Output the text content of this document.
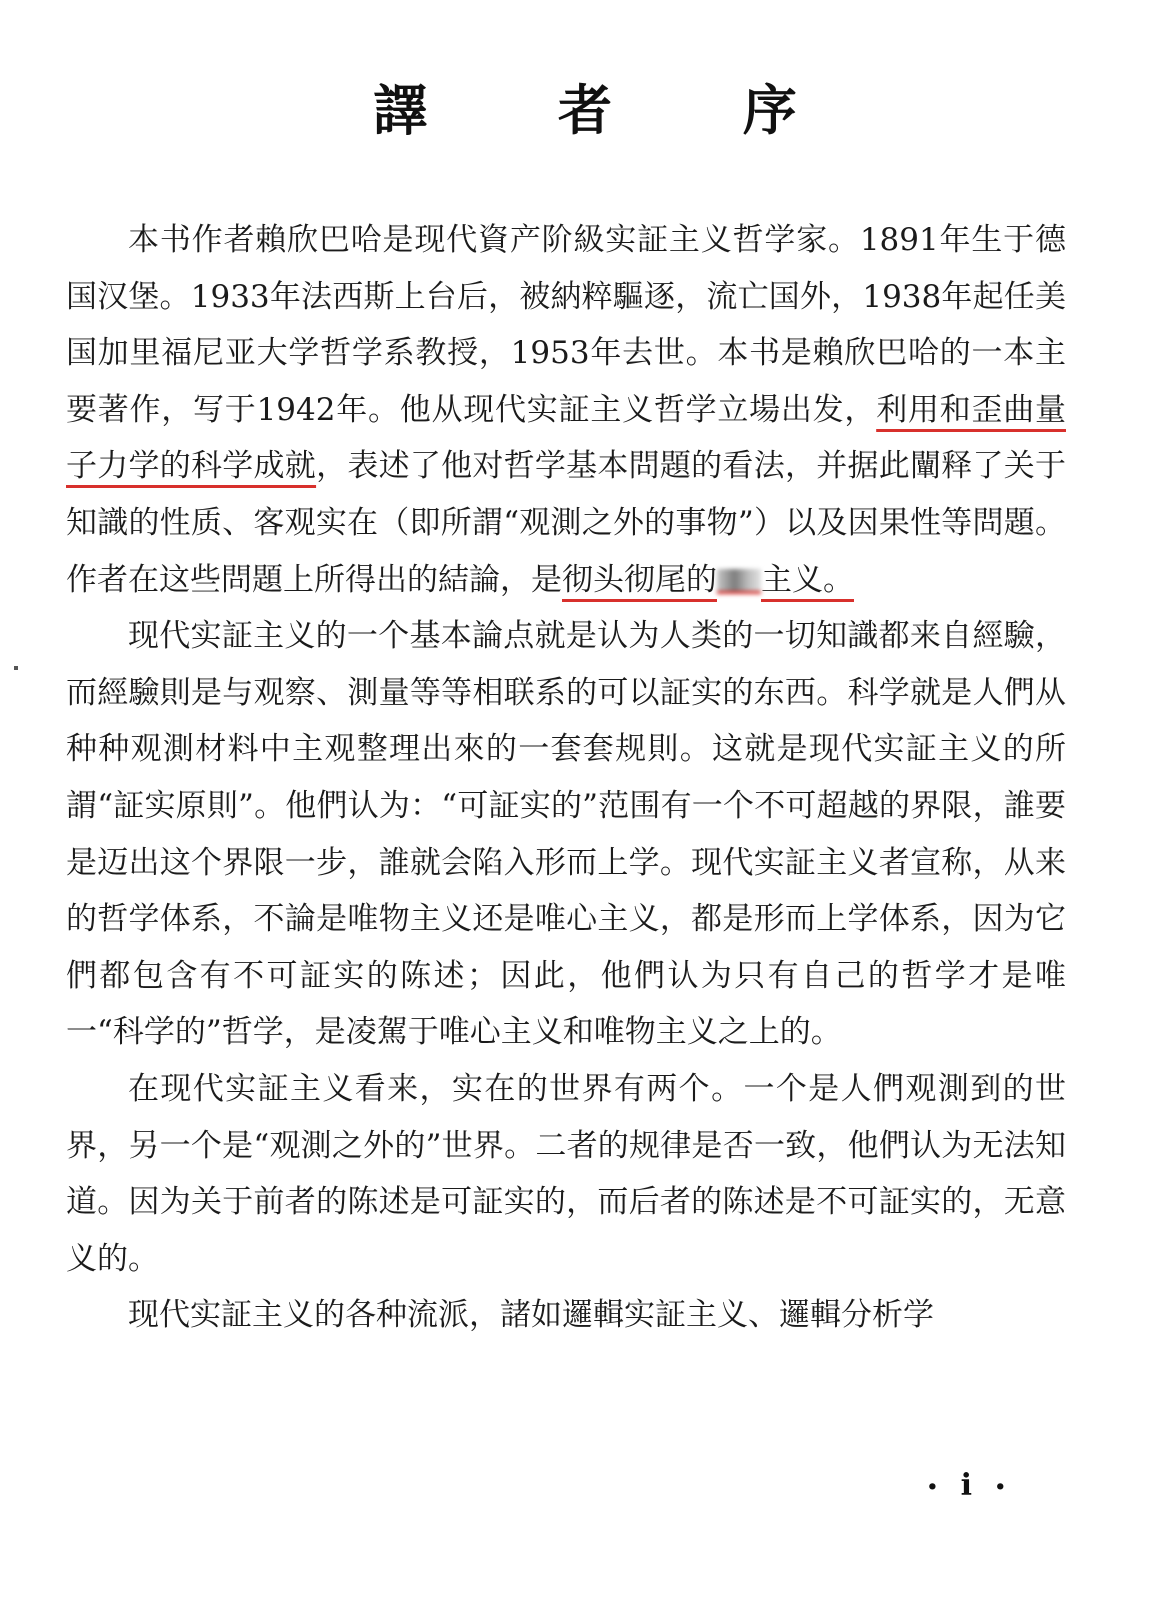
譯 者 序

本书作者賴欣巴哈是现代資产阶級实証主义哲学家。1891年生于德国汉堡。1933年法西斯上台后，被納粹驅逐，流亡国外，1938年起任美国加里福尼亚大学哲学系教授，1953年去世。本书是賴欣巴哈的一本主要著作，写于1942年。他从现代实証主义哲学立場出发，利用和歪曲量子力学的科学成就，表述了他对哲学基本問題的看法，并据此闡释了关于知識的性质、客观实在（即所謂“观測之外的事物”）以及因果性等問題。作者在这些問題上所得出的結論，是彻头彻尾的 主义。

现代实証主义的一个基本論点就是认为人类的一切知識都来自經驗，而經驗則是与观察、測量等等相联系的可以証实的东西。科学就是人們从种种观測材料中主观整理出來的一套套规則。这就是现代实証主义的所謂“証实原則”。他們认为：“可証实的”范围有一个不可超越的界限，誰要是迈出这个界限一步，誰就会陷入形而上学。现代实証主义者宣称，从来的哲学体系，不論是唯物主义还是唯心主义，都是形而上学体系，因为它們都包含有不可証实的陈述；因此，他們认为只有自己的哲学才是唯一“科学的”哲学，是凌駕于唯心主义和唯物主义之上的。

在现代实証主义看来，实在的世界有两个。一个是人們观測到的世界，另一个是“观測之外的”世界。二者的规律是否一致，他們认为无法知道。因为关于前者的陈述是可証实的，而后者的陈述是不可証实的，无意义的。

现代实証主义的各种流派，諸如邏輯实証主义、邏輯分析学

• i •
